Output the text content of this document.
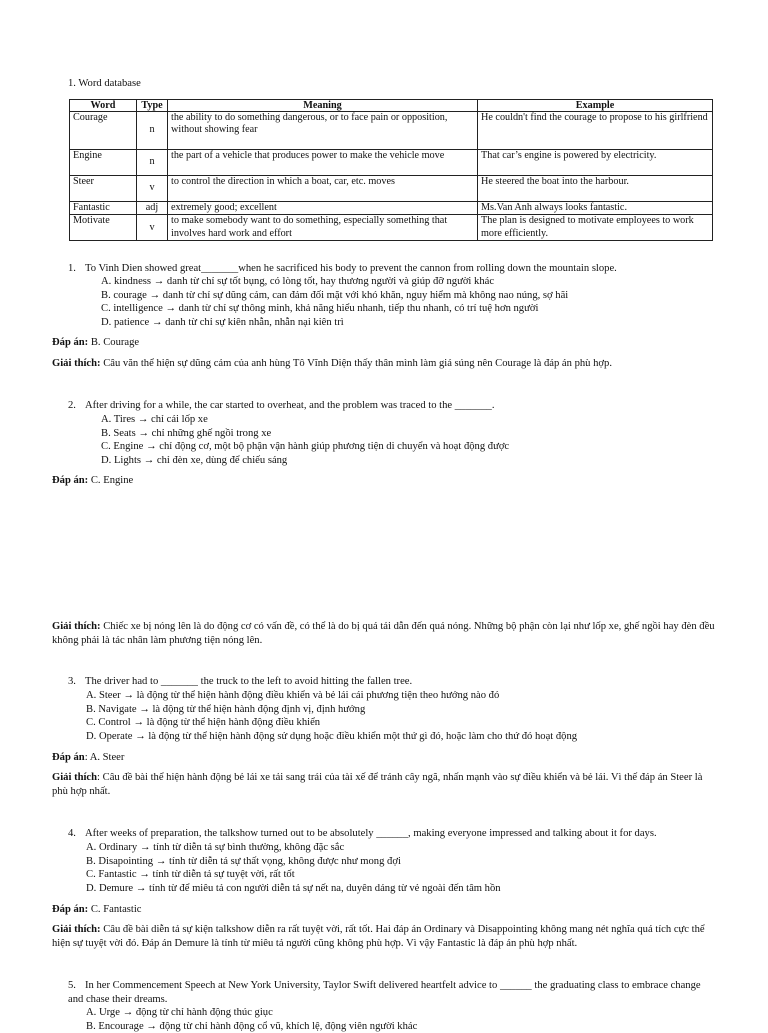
1. Word database
Word	Type	Meaning	Example
Courage	n	the ability to do something dangerous, or to face pain or opposition, without showing fear	He couldn't find the courage to propose to his girlfriend
Engine	n	the part of a vehicle that produces power to make the vehicle move	That car’s engine is powered by electricity.
Steer	v	to control the direction in which a boat, car, etc. moves	He steered the boat into the harbour.
Fantastic	adj	extremely good; excellent	Ms.Van Anh always looks fantastic.
Motivate	v	to make somebody want to do something, especially something that involves hard work and effort	The plan is designed to motivate employees to work more efficiently.
1. To Vinh Dien showed great_______when he sacrificed his body to prevent the cannon from rolling down the mountain slope.
A. kindness → danh từ chỉ sự tốt bụng, có lòng tốt, hay thương người và giúp đỡ người khác
B. courage → danh từ chỉ sự dũng cảm, can đảm đối mặt với khó khăn, nguy hiểm mà không nao núng, sợ hãi
C. intelligence → danh từ chỉ sự thông minh, khả năng hiểu nhanh, tiếp thu nhanh, có trí tuệ hơn người
D. patience → danh từ chỉ sự kiên nhẫn, nhẫn nại kiên trì
Đáp án: B. Courage
Giải thích: Câu văn thể hiện sự dũng cảm của anh hùng Tô Vĩnh Diện thấy thân mình làm giá súng nên Courage là đáp án phù hợp.
2. After driving for a while, the car started to overheat, and the problem was traced to the _______.
A. Tires → chỉ cái lốp xe
B. Seats → chỉ những ghế ngồi trong xe
C. Engine → chỉ động cơ, một bộ phận vận hành giúp phương tiện di chuyển và hoạt động được
D. Lights → chỉ đèn xe, dùng để chiếu sáng
Đáp án: C. Engine
Giải thích: Chiếc xe bị nóng lên là do động cơ có vấn đề, có thể là do bị quá tải dẫn đến quá nóng. Những bộ phận còn lại như lốp xe, ghế ngồi hay đèn đều không phải là tác nhân làm phương tiện nóng lên.
3. The driver had to _______ the truck to the left to avoid hitting the fallen tree.
A. Steer → là động từ thể hiện hành động điều khiển và bẻ lái cái phương tiện theo hướng nào đó
B. Navigate → là động từ thể hiện hành động định vị, định hướng
C. Control → là động từ thể hiện hành động điều khiển
D. Operate → là động từ thể hiện hành động sử dụng hoặc điều khiển một thứ gì đó, hoặc làm cho thứ đó hoạt động
Đáp án: A. Steer
Giải thích: Câu đề bài thể hiện hành động bẻ lái xe tải sang trái của tài xế để tránh cây ngã, nhấn mạnh vào sự điều khiển và bẻ lái. Vì thế đáp án Steer là phù hợp nhất.
4. After weeks of preparation, the talkshow turned out to be absolutely ______, making everyone impressed and talking about it for days.
A. Ordinary → tính từ diễn tả sự bình thường, không đặc sắc
B. Disapointing → tính từ diễn tả sự thất vọng, không được như mong đợi
C. Fantastic → tính từ diễn tả sự tuyệt vời, rất tốt
D. Demure → tính từ để miêu tả con người diễn tả sự nết na, duyên dáng từ vẻ ngoài đến tâm hồn
Đáp án: C. Fantastic
Giải thích: Câu đề bài diễn tả sự kiện talkshow diễn ra rất tuyệt vời, rất tốt. Hai đáp án Ordinary và Disappointing không mang nét nghĩa quá tích cực thể hiện sự tuyệt vời đó. Đáp án Demure là tính từ miêu tả người cũng không phù hợp. Vì vậy Fantastic là đáp án phù hợp nhất.
5. In her Commencement Speech at New York University, Taylor Swift delivered heartfelt advice to ______ the graduating class to embrace change and chase their dreams.
A. Urge → động từ chỉ hành động thúc giục
B. Encourage → động từ chỉ hành động cổ vũ, khích lệ, động viên người khác
